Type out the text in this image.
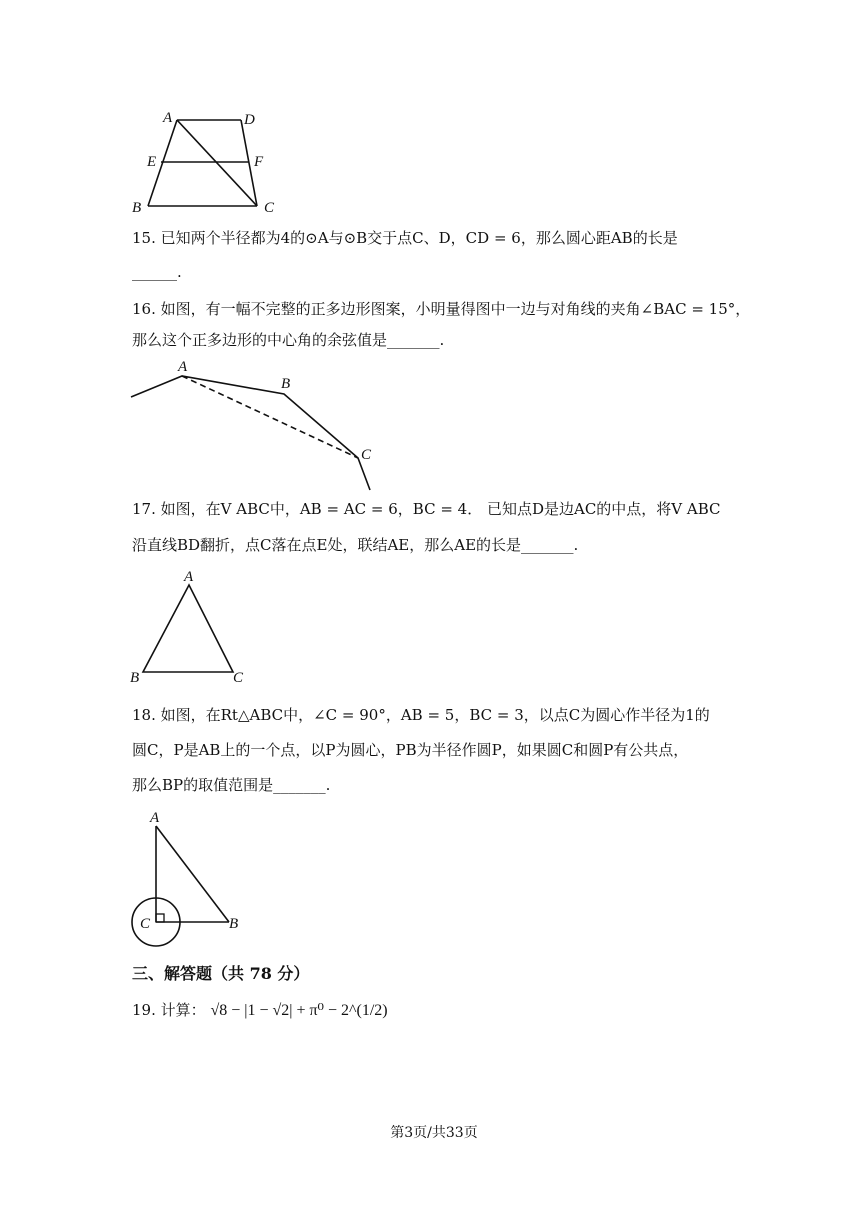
A	D
E	F
B	C
15. 已知两个半径都为4的⊙A与⊙B交于点C、D，CD = 6，那么圆心距AB的长是
______.
16. 如图，有一幅不完整的正多边形图案，小明量得图中一边与对角线的夹角∠BAC = 15°，
那么这个正多边形的中心角的余弦值是_______.
A
B
C
17. 如图，在V ABC中，AB = AC = 6，BC = 4． 已知点D是边AC的中点，将V ABC
沿直线BD翻折，点C落在点E处，联结AE，那么AE的长是_______.
A
B	C
18. 如图，在Rt△ABC中，∠C = 90°，AB = 5，BC = 3，以点C为圆心作半径为1的
圆C，P是AB上的一个点，以P为圆心，PB为半径作圆P，如果圆C和圆P有公共点，
那么BP的取值范围是_______.
A
C	B
三、解答题（共 78 分）
19. 计算： √8 − |1 − √2| + π⁰ − 2^(1/2)
第3页/共33页
